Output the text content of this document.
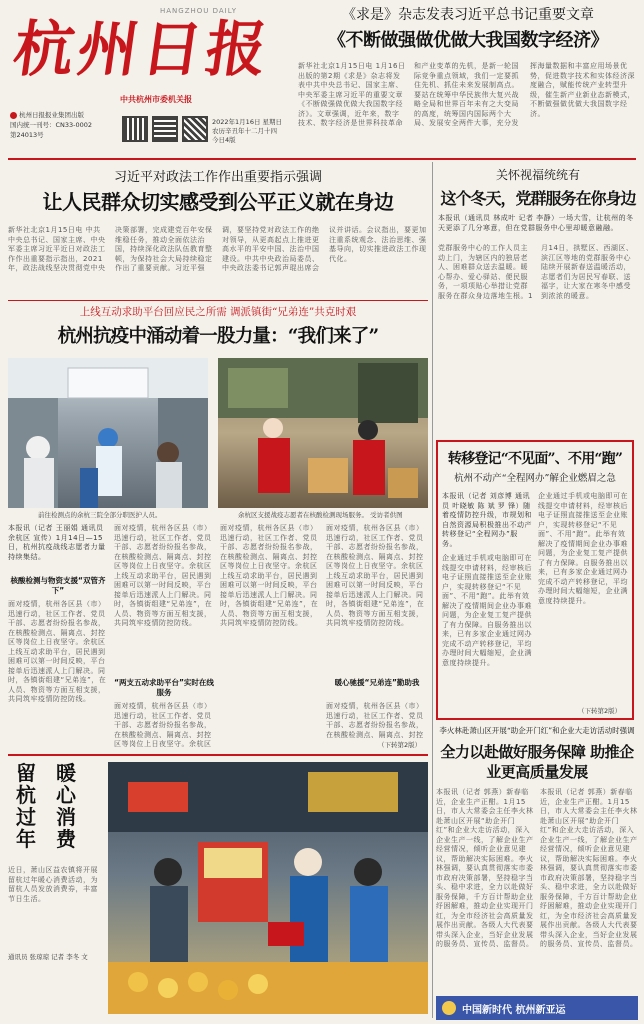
HANGZHOU DAILY
杭州日报
中共杭州市委机关报
杭州日报报业集团出版
国内统一刊号：CN33-0002
第24013号
2022年1月16日 星期日
农历辛丑年十二月十四
今日4版
《求是》杂志发表习近平总书记重要文章
《不断做强做优做大我国数字经济》
新华社北京1月15日电 1月16日出版的第2期《求是》杂志将发表中共中央总书记、国家主席、中央军委主席习近平的重要文章《不断做强做优做大我国数字经济》。文章强调，近年来，数字技术、数字经济是世界科技革命和产业变革的先机，是新一轮国际竞争重点领域，我们一定要抓住先机、抓住未来发展制高点。要站在统筹中华民族伟大复兴战略全局和世界百年未有之大变局的高度，统筹国内国际两个大局、发展安全两件大事，充分发挥海量数据和丰富应用场景优势，促进数字技术和实体经济深度融合，赋能传统产业转型升级，催生新产业新业态新模式，不断做强做优做大我国数字经济。
习近平对政法工作作出重要指示强调
让人民群众切实感受到公平正义就在身边
新华社北京1月15日电 中共中央总书记、国家主席、中央军委主席习近平近日对政法工作作出重要指示指出，2021年，政法战线坚决贯彻党中央决策部署，完成建党百年安保维稳任务，推动全面依法治国，持续深化政法队伍教育整顿，为保持社会大局持续稳定作出了重要贡献。习近平强调，要坚持党对政法工作的绝对领导，从更高起点上推进更高水平的平安中国、法治中国建设。中共中央政治局委员、中央政法委书记郭声琨出席会议并讲话。会议指出，要更加注重系统观念、法治思维、强基导向，切实推进政法工作现代化。
关怀视福统统有
这个冬天，党群服务在你身边
本报讯（通讯员 林成叶 记者 李静）一场大雪，让杭州的冬天更添了几分寒意，但在党群服务中心里却暖意融融。
党群服务中心的工作人员主动上门，为辖区内的独居老人、困难群众送去温暖。暖心帮办、爱心驿站、便民服务，一项项贴心举措让党群服务在群众身边落地生根。1月14日，拱墅区、西湖区、滨江区等地的党群服务中心陆续开展新春送温暖活动，志愿者们为居民写春联、送福字，让大家在寒冬中感受到浓浓的暖意。
上线互动求助平台回应民之所需 调派镇街“兄弟连”共克时艰
杭州抗疫中涌动着一股力量：“我们来了”
前往检测点的余杭三院全部分职医护人员。	余杭区支援战疫志愿者在核酸检测现场服务。 受访者供图
本报讯（记者 王丽娟 通讯员 余杭区 宣传）1月14日—15日，杭州抗疫战线志愿者力量持续集结。
核酸检测与物资支援“双管齐下”
面对疫情，杭州各区县（市）迅速行动，社区工作者、党员干部、志愿者纷纷报名参战，在核酸检测点、隔离点、封控区等岗位上日夜坚守。余杭区上线互动求助平台，居民遇到困难可以第一时间反映，平台接单后迅速派人上门解决。同时，各镇街组建“兄弟连”，在人员、物资等方面互相支援，共同筑牢疫情防控防线。
面对疫情，杭州各区县（市）迅速行动，社区工作者、党员干部、志愿者纷纷报名参战，在核酸检测点、隔离点、封控区等岗位上日夜坚守。余杭区上线互动求助平台，居民遇到困难可以第一时间反映，平台接单后迅速派人上门解决。同时，各镇街组建“兄弟连”，在人员、物资等方面互相支援，共同筑牢疫情防控防线。
“两支五动求助平台”实时在线服务
面对疫情，杭州各区县（市）迅速行动，社区工作者、党员干部、志愿者纷纷报名参战，在核酸检测点、隔离点、封控区等岗位上日夜坚守。余杭区
面对疫情，杭州各区县（市）迅速行动，社区工作者、党员干部、志愿者纷纷报名参战，在核酸检测点、隔离点、封控区等岗位上日夜坚守。余杭区上线互动求助平台，居民遇到困难可以第一时间反映，平台接单后迅速派人上门解决。同时，各镇街组建“兄弟连”，在人员、物资等方面互相支援，共同筑牢疫情防控防线。
面对疫情，杭州各区县（市）迅速行动，社区工作者、党员干部、志愿者纷纷报名参战，在核酸检测点、隔离点、封控区等岗位上日夜坚守。余杭区上线互动求助平台，居民遇到困难可以第一时间反映，平台接单后迅速派人上门解决。同时，各镇街组建“兄弟连”，在人员、物资等方面互相支援，共同筑牢疫情防控防线。
暖心驰援“兄弟连”勤助我
面对疫情，杭州各区县（市）迅速行动，社区工作者、党员干部、志愿者纷纷报名参战，在核酸检测点、隔离点、封控
（下转第2版）
转移登记“不见面”、不用“跑”
杭州不动产“全程网办”解企业燃眉之急
本报讯（记者 刘彦博 通讯员 叶晓敏 陈 斌 罗 锋）随着疫情防控升级，市规划和自然资源局积极推出不动产转移登记“全程网办”服务。
企业通过手机或电脑即可在线提交申请材料，经审核后电子证照直接推送至企业账户，实现转移登记“不见面”、不用“跑”。此举有效解决了疫情期间企业办事难问题，为企业复工复产提供了有力保障。自服务推出以来，已有多家企业通过网办完成不动产转移登记，平均办理时间大幅缩短，企业满意度持续提升。
企业通过手机或电脑即可在线提交申请材料，经审核后电子证照直接推送至企业账户，实现转移登记“不见面”、不用“跑”。此举有效解决了疫情期间企业办事难问题，为企业复工复产提供了有力保障。自服务推出以来，已有多家企业通过网办完成不动产转移登记，平均办理时间大幅缩短，企业满意度持续提升。
（下转第2版）
李火林赴萧山区开展“助企开门红”和企业大走访活动时强调
全力以赴做好服务保障 助推企业更高质量发展
本报讯（记者 郭燕）新春临近，企业生产正酣。1月15日，市人大常委会主任李火林赴萧山区开展“助企开门红”和企业大走访活动，深入企业生产一线，了解企业生产经营情况，倾听企业意见建议，帮助解决实际困难。李火林强调，要认真贯彻落实市委市政府决策部署，坚持稳字当头、稳中求进，全力以赴做好服务保障，千方百计帮助企业纾困解难，推动企业实现开门红，为全市经济社会高质量发展作出贡献。各级人大代表要带头深入企业，当好企业发展的服务员、宣传员、监督员。
本报讯（记者 郭燕）新春临近，企业生产正酣。1月15日，市人大常委会主任李火林赴萧山区开展“助企开门红”和企业大走访活动，深入企业生产一线，了解企业生产经营情况，倾听企业意见建议，帮助解决实际困难。李火林强调，要认真贯彻落实市委市政府决策部署，坚持稳字当头、稳中求进，全力以赴做好服务保障，千方百计帮助企业纾困解难，推动企业实现开门红，为全市经济社会高质量发展作出贡献。各级人大代表要带头深入企业，当好企业发展的服务员、宣传员、监督员。
留杭过年
暖心消费
近日，萧山区益农镇将开展留杭过年暖心消费活动，为留杭人员发放消费券，丰富节日生活。
通讯员 张琼琼 记者 李冬 文
中国新时代 杭州新亚运
